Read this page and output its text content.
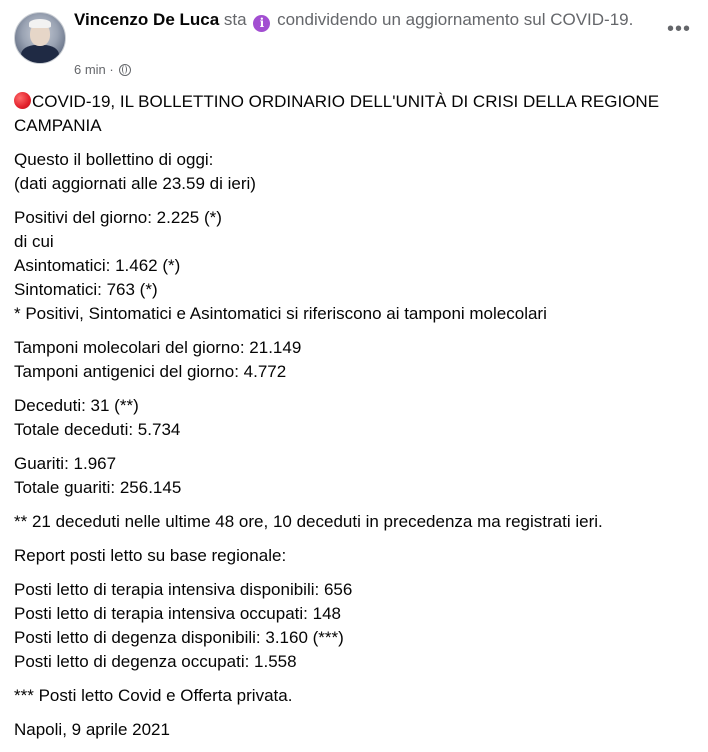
Vincenzo De Luca sta i condividendo un aggiornamento sul COVID-19.
6 min ·
•••
COVID-19, IL BOLLETTINO ORDINARIO DELL'UNITÀ DI CRISI DELLA REGIONE CAMPANIA
Questo il bollettino di oggi:
(dati aggiornati alle 23.59 di ieri)
Positivi del giorno: 2.225 (*)
di cui
Asintomatici: 1.462 (*)
Sintomatici: 763 (*)
* Positivi, Sintomatici e Asintomatici si riferiscono ai tamponi molecolari
Tamponi molecolari del giorno: 21.149
Tamponi antigenici del giorno: 4.772
Deceduti: 31 (**)
Totale deceduti: 5.734
Guariti: 1.967
Totale guariti: 256.145
** 21 deceduti nelle ultime 48 ore, 10 deceduti in precedenza ma registrati ieri.
Report posti letto su base regionale:
Posti letto di terapia intensiva disponibili: 656
Posti letto di terapia intensiva occupati: 148
Posti letto di degenza disponibili: 3.160 (***)
Posti letto di degenza occupati: 1.558
*** Posti letto Covid e Offerta privata.
Napoli, 9 aprile 2021
